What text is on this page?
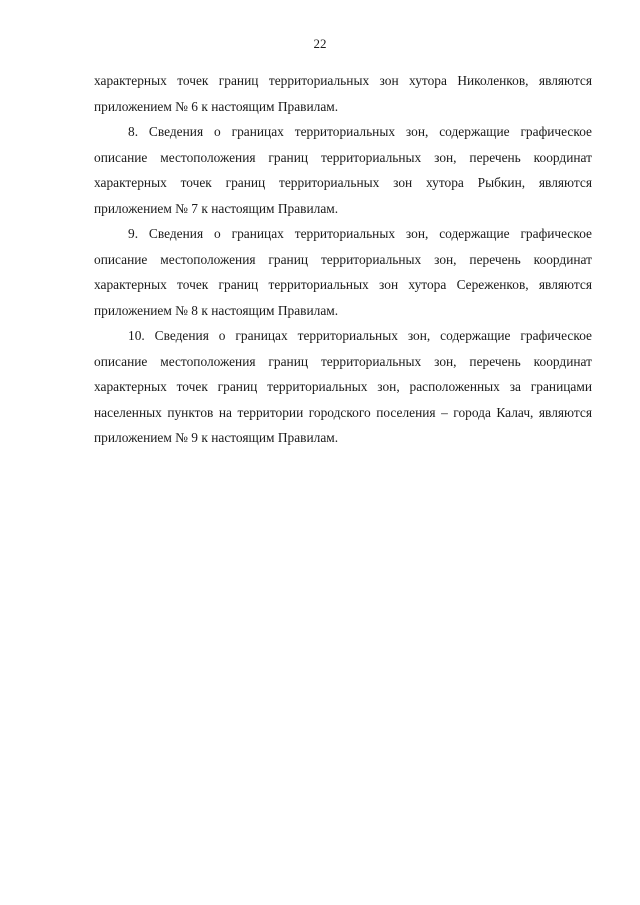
22

характерных точек границ территориальных зон хутора Николенков, являются приложением № 6 к настоящим Правилам.

8. Сведения о границах территориальных зон, содержащие графическое описание местоположения границ территориальных зон, перечень координат характерных точек границ территориальных зон хутора Рыбкин, являются приложением № 7 к настоящим Правилам.

9. Сведения о границах территориальных зон, содержащие графическое описание местоположения границ территориальных зон, перечень координат характерных точек границ территориальных зон хутора Сереженков, являются приложением № 8 к настоящим Правилам.

10. Сведения о границах территориальных зон, содержащие графическое описание местоположения границ территориальных зон, перечень координат характерных точек границ территориальных зон, расположенных за границами населенных пунктов на территории городского поселения – города Калач, являются приложением № 9 к настоящим Правилам.
